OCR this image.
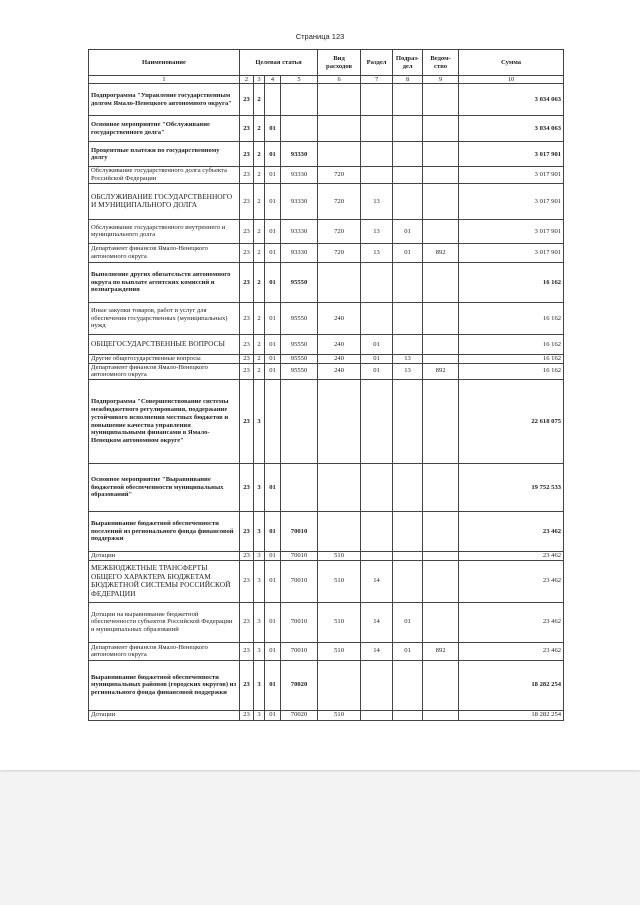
Страница 123
Наименование	Целевая статья				Вид расходов	Раздел	Подраз-дел	Ведом-ство	Сумма
1	2	3	4	5	6	7	8	9	10
Подпрограмма "Управление государственным долгом Ямало-Ненецкого автономного округа"	23	2							3 034 063
Основное мероприятие "Обслуживание государственного долга"	23	2	01						3 034 063
Процентные платежи по государственному долгу	23	2	01	93330					3 017 901
Обслуживание государственного долга субъекта Российской Федерации	23	2	01	93330	720				3 017 901
ОБСЛУЖИВАНИЕ ГОСУДАРСТВЕННОГО И МУНИЦИПАЛЬНОГО ДОЛГА	23	2	01	93330	720	13			3 017 901
Обслуживание государственного внутреннего и муниципального долга	23	2	01	93330	720	13	01		3 017 901
Департамент финансов Ямало-Ненецкого автономного округа	23	2	01	93330	720	13	01	892	3 017 901
Выполнение других обязательств автономного округа по выплате агентских комиссий и вознаграждения	23	2	01	95550					16 162
Иные закупки товаров, работ и услуг для обеспечения государственных (муниципальных) нужд	23	2	01	95550	240				16 162
ОБЩЕГОСУДАРСТВЕННЫЕ ВОПРОСЫ	23	2	01	95550	240	01			16 162
Другие общегосударственные вопросы	23	2	01	95550	240	01	13		16 162
Департамент финансов Ямало-Ненецкого автономного округа	23	2	01	95550	240	01	13	892	16 162
Подпрограмма "Совершенствование системы межбюджетного регулирования, поддержание устойчивого исполнения местных бюджетов и повышение качества управления муниципальными финансами в Ямало-Ненецком автономном округе"	23	3							22 618 075
Основное мероприятие "Выравнивание бюджетной обеспеченности муниципальных образований"	23	3	01						19 752 533
Выравнивание бюджетной обеспеченности поселений из регионального фонда финансовой поддержки	23	3	01	70010					23 462
Дотации	23	3	01	70010	510				23 462
МЕЖБЮДЖЕТНЫЕ ТРАНСФЕРТЫ ОБЩЕГО ХАРАКТЕРА БЮДЖЕТАМ БЮДЖЕТНОЙ СИСТЕМЫ РОССИЙСКОЙ ФЕДЕРАЦИИ	23	3	01	70010	510	14			23 462
Дотации на выравнивание бюджетной обеспеченности субъектов Российской Федерации и муниципальных образований	23	3	01	70010	510	14	01		23 462
Департамент финансов Ямало-Ненецкого автономного округа	23	3	01	70010	510	14	01	892	23 462
Выравнивание бюджетной обеспеченности муниципальных районов (городских округов) из регионального фонда финансовой поддержки	23	3	01	70020					18 282 254
Дотации	23	3	01	70020	510				18 282 254
